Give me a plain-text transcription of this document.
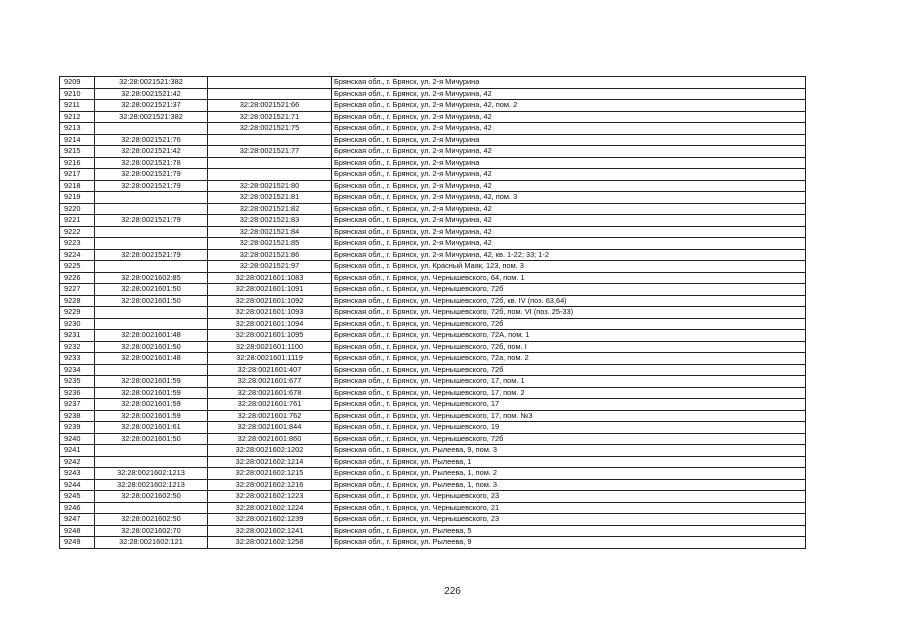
9209	32:28:0021521:382		Брянская обл., г. Брянск, ул. 2-я Мичурина
9210	32:28:0021521:42		Брянская обл., г. Брянск, ул. 2-я Мичурина, 42
9211	32:28:0021521:37	32:28:0021521:66	Брянская обл., г. Брянск, ул. 2-я Мичурина, 42, пом. 2
9212	32:28:0021521:382	32:28:0021521:71	Брянская обл., г. Брянск, ул. 2-я Мичурина, 42
9213		32:28:0021521:75	Брянская обл., г. Брянск, ул. 2-я Мичурина, 42
9214	32:28:0021521:76		Брянская обл., г. Брянск, ул. 2-я Мичурина
9215	32:28:0021521:42	32:28:0021521:77	Брянская обл., г. Брянск, ул. 2-я Мичурина, 42
9216	32:28:0021521:78		Брянская обл., г. Брянск, ул. 2-я Мичурина
9217	32:28:0021521:79		Брянская обл., г. Брянск, ул. 2-я Мичурина, 42
9218	32:28:0021521:79	32:28:0021521:80	Брянская обл., г. Брянск, ул. 2-я Мичурина, 42
9219		32:28:0021521:81	Брянская обл., г. Брянск, ул. 2-я Мичурина, 42, пом. 3
9220		32:28:0021521:82	Брянская обл., г. Брянск, ул. 2-я Мичурина, 42
9221	32:28:0021521:79	32:28:0021521:83	Брянская обл., г. Брянск, ул. 2-я Мичурина, 42
9222		32:28:0021521:84	Брянская обл., г. Брянск, ул. 2-я Мичурина, 42
9223		32:28:0021521:85	Брянская обл., г. Брянск, ул. 2-я Мичурина, 42
9224	32:28:0021521:79	32:28:0021521:86	Брянская обл., г. Брянск, ул. 2-я Мичурина, 42, кв. 1-22; 33; 1-2
9225		32:28:0021521:97	Брянская обл., г. Брянск, ул. Красный Маяк, 123, пом. 3
9226	32:28:0021602:85	32:28:0021601:1083	Брянская обл., г. Брянск, ул. Чернышевского, 64, пом. 1
9227	32:28:0021601:50	32:28:0021601:1091	Брянская обл., г. Брянск, ул. Чернышевского, 72б
9228	32:28:0021601:50	32:28:0021601:1092	Брянская обл., г. Брянск, ул. Чернышевского, 72б, кв. IV (поз. 63,64)
9229		32:28:0021601:1093	Брянская обл., г. Брянск, ул. Чернышевского, 72б, пом. VI (поз. 25-33)
9230		32:28:0021601:1094	Брянская обл., г. Брянск, ул. Чернышевского, 72б
9231	32:28:0021601:48	32:28:0021601:1095	Брянская обл., г. Брянск, ул. Чернышевского, 72А, пом. 1
9232	32:28:0021601:50	32:28:0021601:1100	Брянская обл., г. Брянск, ул. Чернышевского, 72б, пом. I
9233	32:28:0021601:48	32:28:0021601:1119	Брянская обл., г. Брянск, ул. Чернышевского, 72а, пом. 2
9234		32:28:0021601:407	Брянская обл., г. Брянск, ул. Чернышевского, 72б
9235	32:28:0021601:59	32:28:0021601:677	Брянская обл., г. Брянск, ул. Чернышевского, 17, пом. 1
9236	32:28:0021601:59	32:28:0021601:678	Брянская обл., г. Брянск, ул. Чернышевского, 17, пом. 2
9237	32:28:0021601:59	32:28:0021601:761	Брянская обл., г. Брянск, ул. Чернышевского, 17
9238	32:28:0021601:59	32:28:0021601:762	Брянская обл., г. Брянск, ул. Чернышевского, 17, пом. №3
9239	32:28:0021601:61	32:28:0021601:844	Брянская обл., г. Брянск, ул. Чернышевского, 19
9240	32:28:0021601:50	32:28:0021601:860	Брянская обл., г. Брянск, ул. Чернышевского, 72б
9241		32:28:0021602:1202	Брянская обл., г. Брянск, ул. Рылеева, 9, пом. 3
9242		32:28:0021602:1214	Брянская обл., г. Брянск, ул. Рылеева, 1
9243	32:28:0021602:1213	32:28:0021602:1215	Брянская обл., г. Брянск, ул. Рылеева, 1, пом. 2
9244	32:28:0021602:1213	32:28:0021602:1216	Брянская обл., г. Брянск, ул. Рылеева, 1, пом. 3
9245	32:28:0021602:50	32:28:0021602:1223	Брянская обл., г. Брянск, ул. Чернышевского, 23
9246		32:28:0021602:1224	Брянская обл., г. Брянск, ул. Чернышевского, 21
9247	32:28:0021602:50	32:28:0021602:1239	Брянская обл., г. Брянск, ул. Чернышевского, 23
9248	32:28:0021602:70	32:28:0021602:1241	Брянская обл., г. Брянск, ул. Рылеева, 5
9249	32:28:0021602:121	32:28:0021602:1258	Брянская обл., г. Брянск, ул. Рылеева, 9
226
